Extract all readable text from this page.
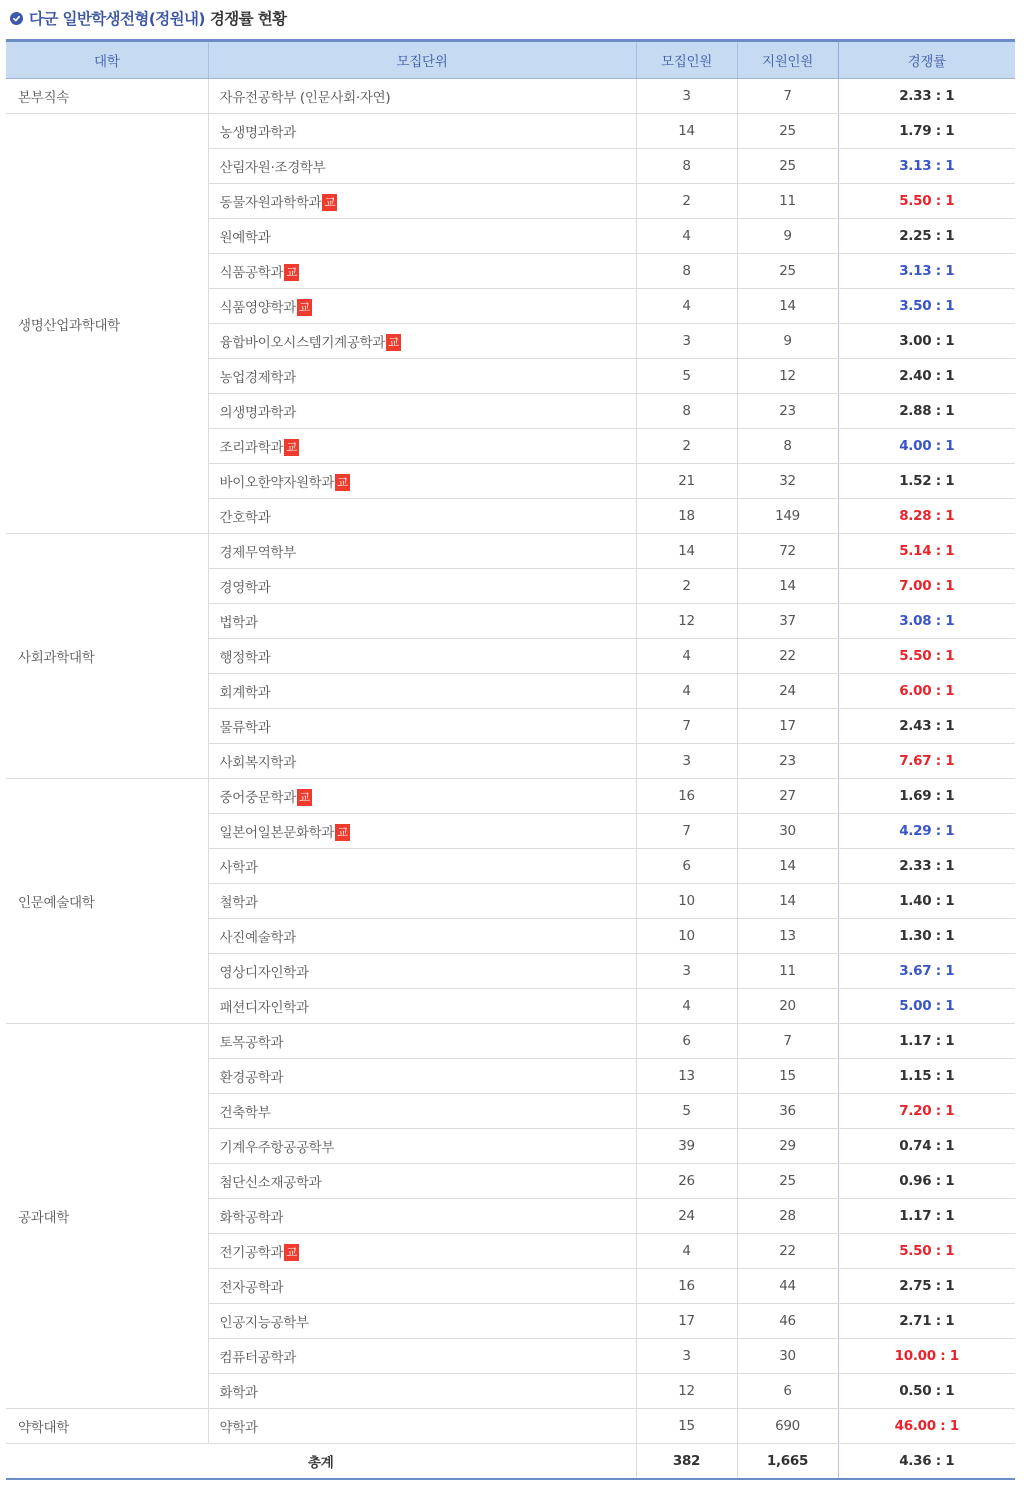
다군 일반학생전형(정원내) 경쟁률 현황
대학	모집단위	모집인원	지원인원	경쟁률
본부직속	자유전공학부 (인문사회·자연)	3	7	2.33 : 1
생명산업과학대학	농생명과학과	14	25	1.79 : 1
	산림자원·조경학부	8	25	3.13 : 1
	동물자원과학학과 교	2	11	5.50 : 1
	원예학과	4	9	2.25 : 1
	식품공학과 교	8	25	3.13 : 1
	식품영양학과 교	4	14	3.50 : 1
	융합바이오시스템기계공학과 교	3	9	3.00 : 1
	농업경제학과	5	12	2.40 : 1
	의생명과학과	8	23	2.88 : 1
	조리과학과 교	2	8	4.00 : 1
	바이오한약자원학과 교	21	32	1.52 : 1
	간호학과	18	149	8.28 : 1
사회과학대학	경제무역학부	14	72	5.14 : 1
	경영학과	2	14	7.00 : 1
	법학과	12	37	3.08 : 1
	행정학과	4	22	5.50 : 1
	회계학과	4	24	6.00 : 1
	물류학과	7	17	2.43 : 1
	사회복지학과	3	23	7.67 : 1
인문예술대학	중어중문학과 교	16	27	1.69 : 1
	일본어일본문화학과 교	7	30	4.29 : 1
	사학과	6	14	2.33 : 1
	철학과	10	14	1.40 : 1
	사진예술학과	10	13	1.30 : 1
	영상디자인학과	3	11	3.67 : 1
	패션디자인학과	4	20	5.00 : 1
공과대학	토목공학과	6	7	1.17 : 1
	환경공학과	13	15	1.15 : 1
	건축학부	5	36	7.20 : 1
	기계우주항공공학부	39	29	0.74 : 1
	첨단신소재공학과	26	25	0.96 : 1
	화학공학과	24	28	1.17 : 1
	전기공학과 교	4	22	5.50 : 1
	전자공학과	16	44	2.75 : 1
	인공지능공학부	17	46	2.71 : 1
	컴퓨터공학과	3	30	10.00 : 1
	화학과	12	6	0.50 : 1
약학대학	약학과	15	690	46.00 : 1
총계		382	1,665	4.36 : 1
